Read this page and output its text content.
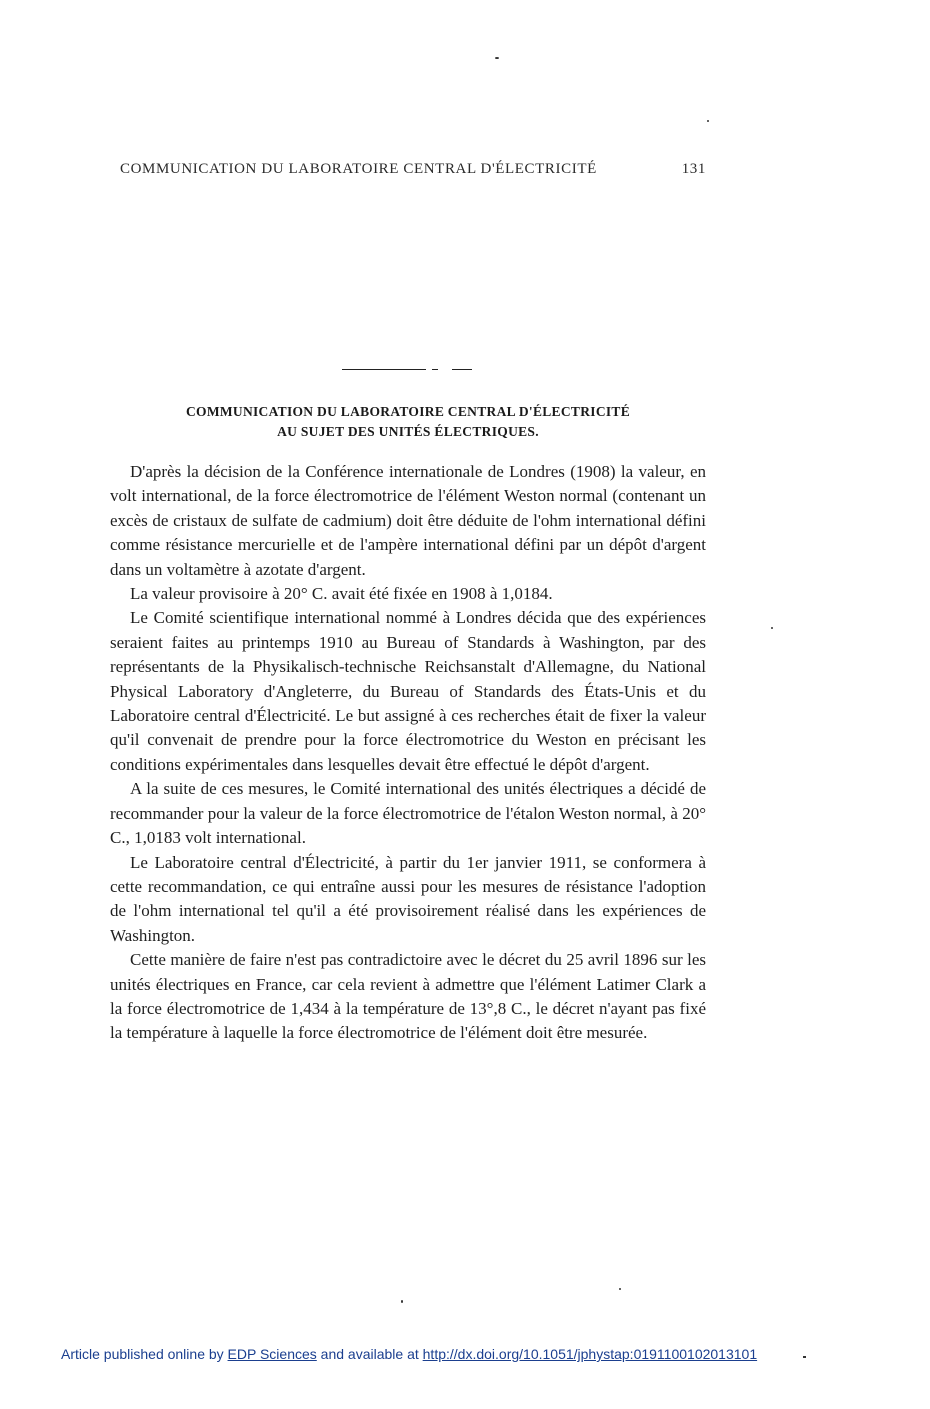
COMMUNICATION DU LABORATOIRE CENTRAL D'ÉLECTRICITÉ	131
COMMUNICATION DU LABORATOIRE CENTRAL D'ÉLECTRICITÉ
AU SUJET DES UNITÉS ÉLECTRIQUES.

D'après la décision de la Conférence internationale de Londres (1908) la valeur, en volt international, de la force électromotrice de l'élément Weston normal (contenant un excès de cristaux de sulfate de cadmium) doit être déduite de l'ohm international défini comme résistance mercurielle et de l'ampère international défini par un dépôt d'argent dans un voltamètre à azotate d'argent.

La valeur provisoire à 20° C. avait été fixée en 1908 à 1,0184.

Le Comité scientifique international nommé à Londres décida que des expériences seraient faites au printemps 1910 au Bureau of Standards à Washington, par des représentants de la Physikalisch-technische Reichsanstalt d'Allemagne, du National Physical Laboratory d'Angleterre, du Bureau of Standards des États-Unis et du Laboratoire central d'Électricité. Le but assigné à ces recherches était de fixer la valeur qu'il convenait de prendre pour la force électromotrice du Weston en précisant les conditions expérimentales dans lesquelles devait être effectué le dépôt d'argent.

A la suite de ces mesures, le Comité international des unités électriques a décidé de recommander pour la valeur de la force électromotrice de l'étalon Weston normal, à 20° C., 1,0183 volt international.

Le Laboratoire central d'Électricité, à partir du 1er janvier 1911, se conformera à cette recommandation, ce qui entraîne aussi pour les mesures de résistance l'adoption de l'ohm international tel qu'il a été provisoirement réalisé dans les expériences de Washington.

Cette manière de faire n'est pas contradictoire avec le décret du 25 avril 1896 sur les unités électriques en France, car cela revient à admettre que l'élément Latimer Clark a la force électromotrice de 1,434 à la température de 13°,8 C., le décret n'ayant pas fixé la température à laquelle la force électromotrice de l'élément doit être mesurée.

Article published online by EDP Sciences and available at http://dx.doi.org/10.1051/jphystap:0191100102013101
